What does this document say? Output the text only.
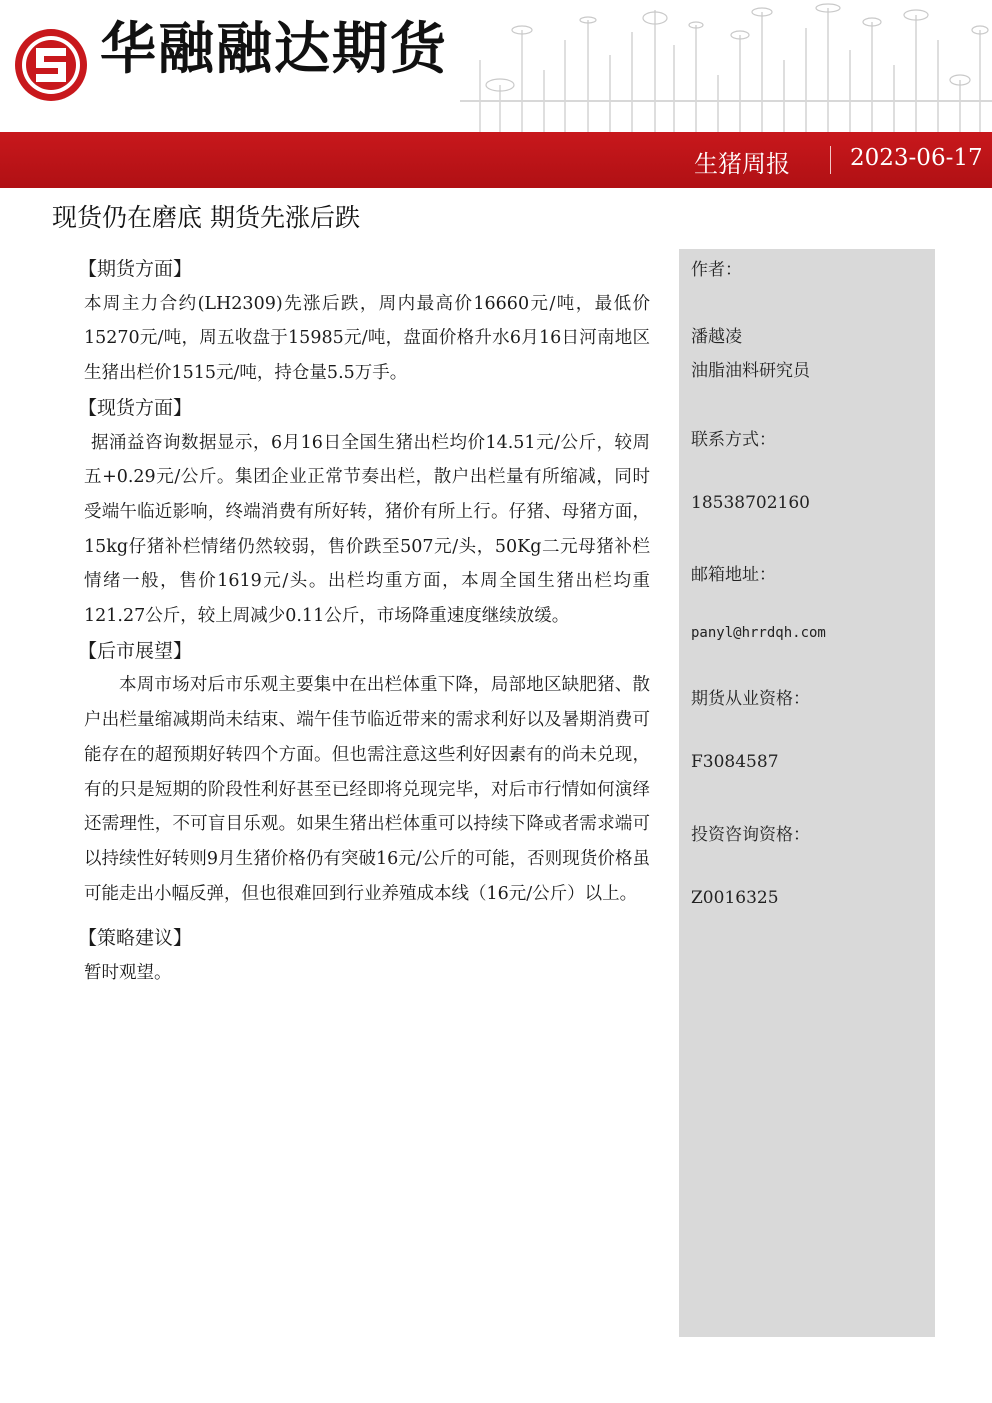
华融融达期货
生猪周报	2023-06-17
现货仍在磨底 期货先涨后跌
【期货方面】

本周主力合约(LH2309)先涨后跌，周内最高价16660元/吨，最低价15270元/吨，周五收盘于15985元/吨，盘面价格升水6月16日河南地区生猪出栏价1515元/吨，持仓量5.5万手。

【现货方面】

据涌益咨询数据显示，6月16日全国生猪出栏均价14.51元/公斤，较周五+0.29元/公斤。集团企业正常节奏出栏，散户出栏量有所缩减，同时受端午临近影响，终端消费有所好转，猪价有所上行。仔猪、母猪方面，15kg仔猪补栏情绪仍然较弱，售价跌至507元/头，50Kg二元母猪补栏情绪一般，售价1619元/头。出栏均重方面，本周全国生猪出栏均重121.27公斤，较上周减少0.11公斤，市场降重速度继续放缓。

【后市展望】

本周市场对后市乐观主要集中在出栏体重下降，局部地区缺肥猪、散户出栏量缩减期尚未结束、端午佳节临近带来的需求利好以及暑期消费可能存在的超预期好转四个方面。但也需注意这些利好因素有的尚未兑现，有的只是短期的阶段性利好甚至已经即将兑现完毕，对后市行情如何演绎还需理性，不可盲目乐观。如果生猪出栏体重可以持续下降或者需求端可以持续性好转则9月生猪价格仍有突破16元/公斤的可能，否则现货价格虽可能走出小幅反弹，但也很难回到行业养殖成本线（16元/公斤）以上。

【策略建议】

暂时观望。

作者：
潘越凌
油脂油料研究员
联系方式：
18538702160
邮箱地址：
panyl@hrrdqh.com
期货从业资格：
F3084587
投资咨询资格：
Z0016325
